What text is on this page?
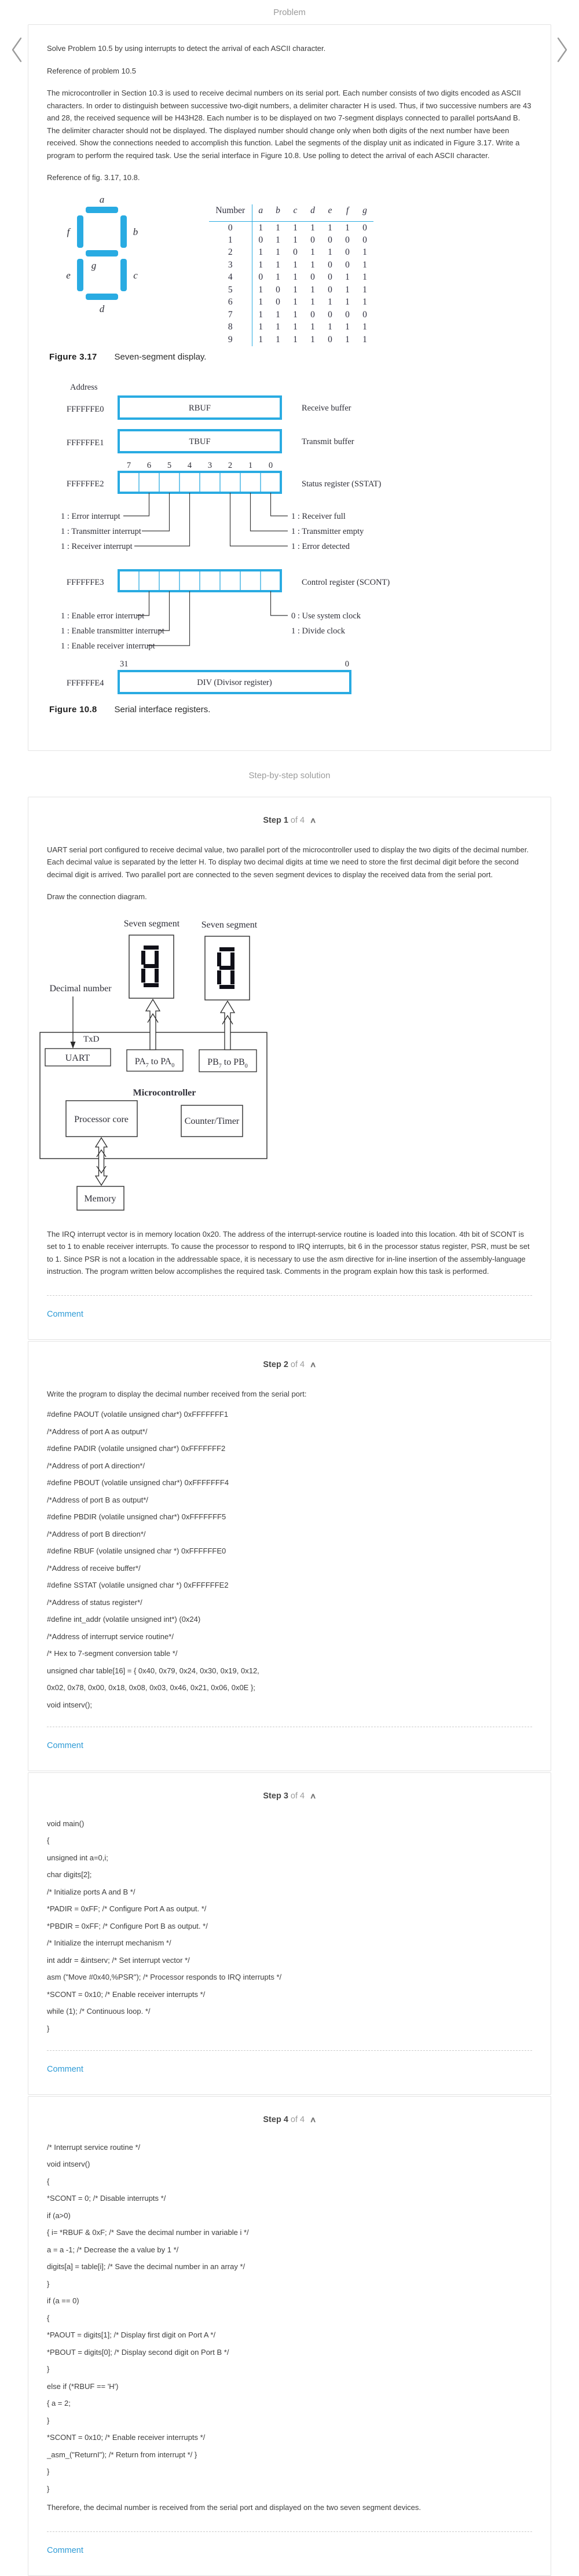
Problem

Solve Problem 10.5 by using interrupts to detect the arrival of each ASCII character.

Reference of problem 10.5

The microcontroller in Section 10.3 is used to receive decimal numbers on its serial port. Each number consists of two digits encoded as ASCII characters. In order to distinguish between successive two-digit numbers, a delimiter character H is used. Thus, if two successive numbers are 43 and 28, the received sequence will be H43H28. Each number is to be displayed on two 7-segment displays connected to parallel portsAand B. The delimiter character should not be displayed. The displayed number should change only when both digits of the next number have been received. Show the connections needed to accomplish this function. Label the segments of the display unit as indicated in Figure 3.17. Write a program to perform the required task. Use the serial interface in Figure 10.8. Use polling to detect the arrival of each ASCII character.

Reference of fig. 3.17, 10.8.

a
f	b
g
e	c
d
Number	a	b	c	d	e	f	g
0	1	1	1	1	1	1	0
1	0	1	1	0	0	0	0
2	1	1	0	1	1	0	1
3	1	1	1	1	0	0	1
4	0	1	1	0	0	1	1
5	1	0	1	1	0	1	1
6	1	0	1	1	1	1	1
7	1	1	1	0	0	0	0
8	1	1	1	1	1	1	1
9	1	1	1	1	0	1	1
Figure 3.17 Seven-segment display.
Address
FFFFFFE0	RBUF	Receive buffer
FFFFFFE1	TBUF	Transmit buffer
7 6 5 4 3 2 1 0
FFFFFFE2	Status register (SSTAT)
1 : Error interrupt
1 : Transmitter interrupt
1 : Receiver interrupt
1 : Receiver full
1 : Transmitter empty
1 : Error detected
FFFFFFE3	Control register (SCONT)
1 : Enable error interrupt
1 : Enable transmitter interrupt
1 : Enable receiver interrupt
0 : Use system clock
1 : Divide clock
31	0
FFFFFFE4	DIV (Divisor register)
Figure 10.8 Serial interface registers.
Step-by-step solution
Step 1 of 4 ∧

UART serial port configured to receive decimal value, two parallel port of the microcontroller used to display the two digits of the decimal number. Each decimal value is separated by the letter H. To display two decimal digits at time we need to store the first decimal digit before the second decimal digit is arrived. Two parallel port are connected to the seven segment devices to display the received data from the serial port.

Draw the connection diagram.

Seven segment Seven segment
Decimal number
TxD
UART	$PA_7$ to $PA_0$	$PB_7$ to $PB_0$
Microcontroller
Processor core	Counter/Timer
Memory

The IRQ interrupt vector is in memory location 0x20. The address of the interrupt-service routine is loaded into this location. 4th bit of SCONT is set to 1 to enable receiver interrupts. To cause the processor to respond to IRQ interrupts, bit 6 in the processor status register, PSR, must be set to 1. Since PSR is not a location in the addressable space, it is necessary to use the asm directive for in-line insertion of the assembly-language instruction. The program written below accomplishes the required task. Comments in the program explain how this task is performed.

Comment
Step 2 of 4 ∧

Write the program to display the decimal number received from the serial port:

#define PAOUT (volatile unsigned char*) 0xFFFFFFF1

/*Address of port A as output*/

#define PADIR (volatile unsigned char*) 0xFFFFFFF2

/*Address of port A direction*/

#define PBOUT (volatile unsigned char*) 0xFFFFFFF4

/*Address of port B as output*/

#define PBDIR (volatile unsigned char*) 0xFFFFFFF5

/*Address of port B direction*/

#define RBUF (volatile unsigned char *) 0xFFFFFFE0

/*Address of receive buffer*/

#define SSTAT (volatile unsigned char *) 0xFFFFFFE2

/*Address of status register*/

#define int_addr (volatile unsigned int*) (0x24)

/*Address of interrupt service routine*/

/* Hex to 7-segment conversion table */

unsigned char table[16] = { 0x40, 0x79, 0x24, 0x30, 0x19, 0x12,

0x02, 0x78, 0x00, 0x18, 0x08, 0x03, 0x46, 0x21, 0x06, 0x0E };

void intserv();

Comment
Step 3 of 4 ∧

void main()

{

unsigned int a=0,i;

char digits[2];

/* Initialize ports A and B */

*PADIR = 0xFF; /* Configure Port A as output. */

*PBDIR = 0xFF; /* Configure Port B as output. */

/* Initialize the interrupt mechanism */

int addr = &intserv; /* Set interrupt vector */

asm ("Move #0x40,%PSR"); /* Processor responds to IRQ interrupts */

*SCONT = 0x10; /* Enable receiver interrupts */

while (1); /* Continuous loop. */

}

Comment
Step 4 of 4 ∧

/* Interrupt service routine */

void intserv()

{

*SCONT = 0; /* Disable interrupts */

if (a>0)

{ i= *RBUF & 0xF; /* Save the decimal number in variable i */

a = a -1; /* Decrease the a value by 1 */

digits[a] = table[i]; /* Save the decimal number in an array */

}

if (a == 0)

{

*PAOUT = digits[1]; /* Display first digit on Port A */

*PBOUT = digits[0]; /* Display second digit on Port B */

}

else if (*RBUF == 'H')

{ a = 2;

}

*SCONT = 0x10; /* Enable receiver interrupts */

_asm_("ReturnI"); /* Return from interrupt */ }

}

}

Therefore, the decimal number is received from the serial port and displayed on the two seven segment devices.

Comment
